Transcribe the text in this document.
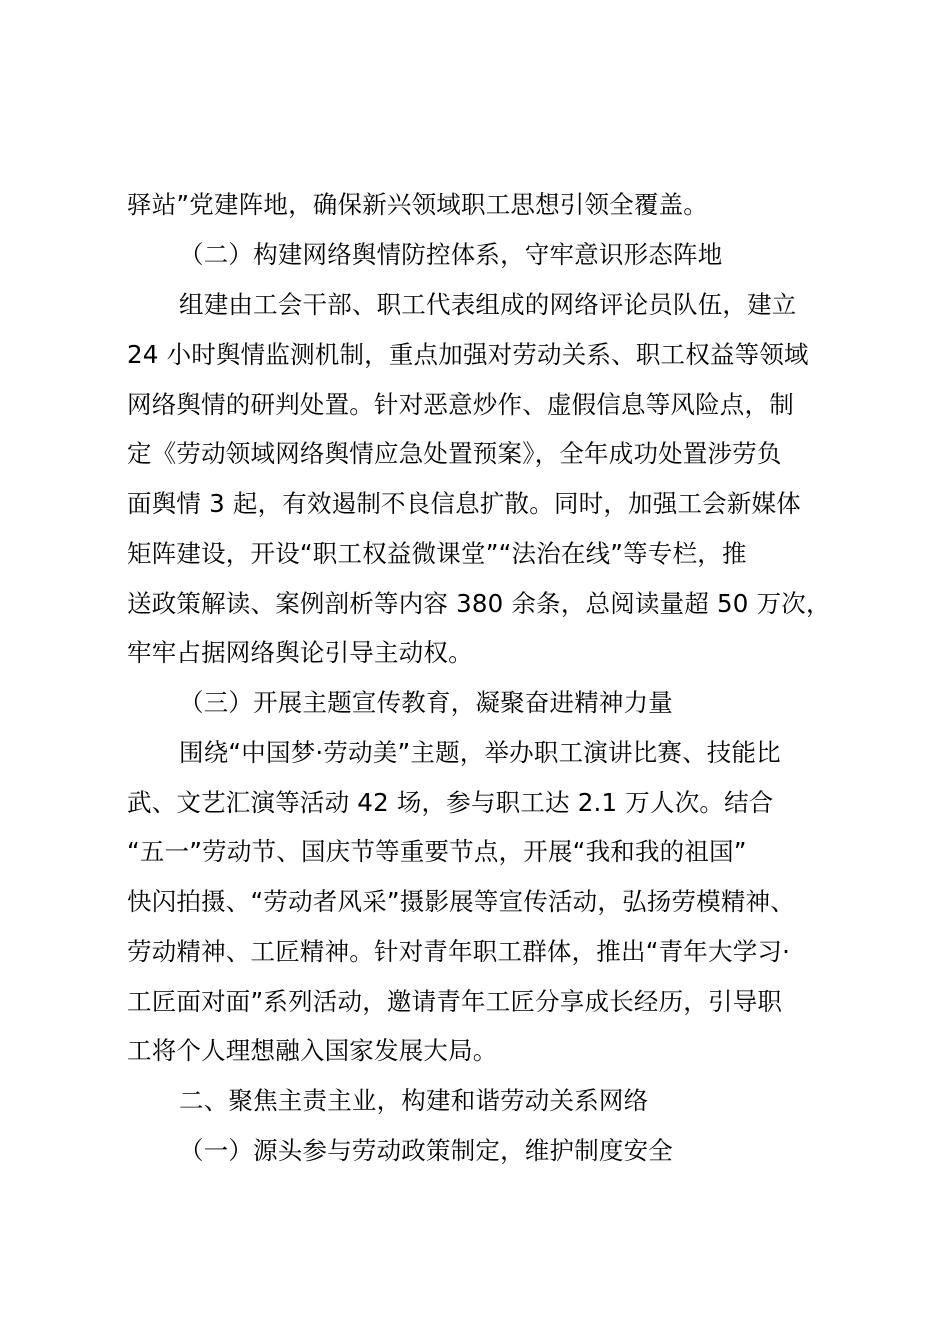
驿站”党建阵地，确保新兴领域职工思想引领全覆盖。
（二）构建网络舆情防控体系，守牢意识形态阵地
组建由工会干部、职工代表组成的网络评论员队伍，建立
24 小时舆情监测机制，重点加强对劳动关系、职工权益等领域
网络舆情的研判处置。针对恶意炒作、虚假信息等风险点，制
定《劳动领域网络舆情应急处置预案》，全年成功处置涉劳负
面舆情 3 起，有效遏制不良信息扩散。同时，加强工会新媒体
矩阵建设，开设“职工权益微课堂”“法治在线”等专栏，推
送政策解读、案例剖析等内容 380 余条，总阅读量超 50 万次，
牢牢占据网络舆论引导主动权。
（三）开展主题宣传教育，凝聚奋进精神力量
围绕“中国梦·劳动美”主题，举办职工演讲比赛、技能比
武、文艺汇演等活动 42 场，参与职工达 2.1 万人次。结合
“五一”劳动节、国庆节等重要节点，开展“我和我的祖国”
快闪拍摄、“劳动者风采”摄影展等宣传活动，弘扬劳模精神、
劳动精神、工匠精神。针对青年职工群体，推出“青年大学习·
工匠面对面”系列活动，邀请青年工匠分享成长经历，引导职
工将个人理想融入国家发展大局。
二、聚焦主责主业，构建和谐劳动关系网络
（一）源头参与劳动政策制定，维护制度安全
